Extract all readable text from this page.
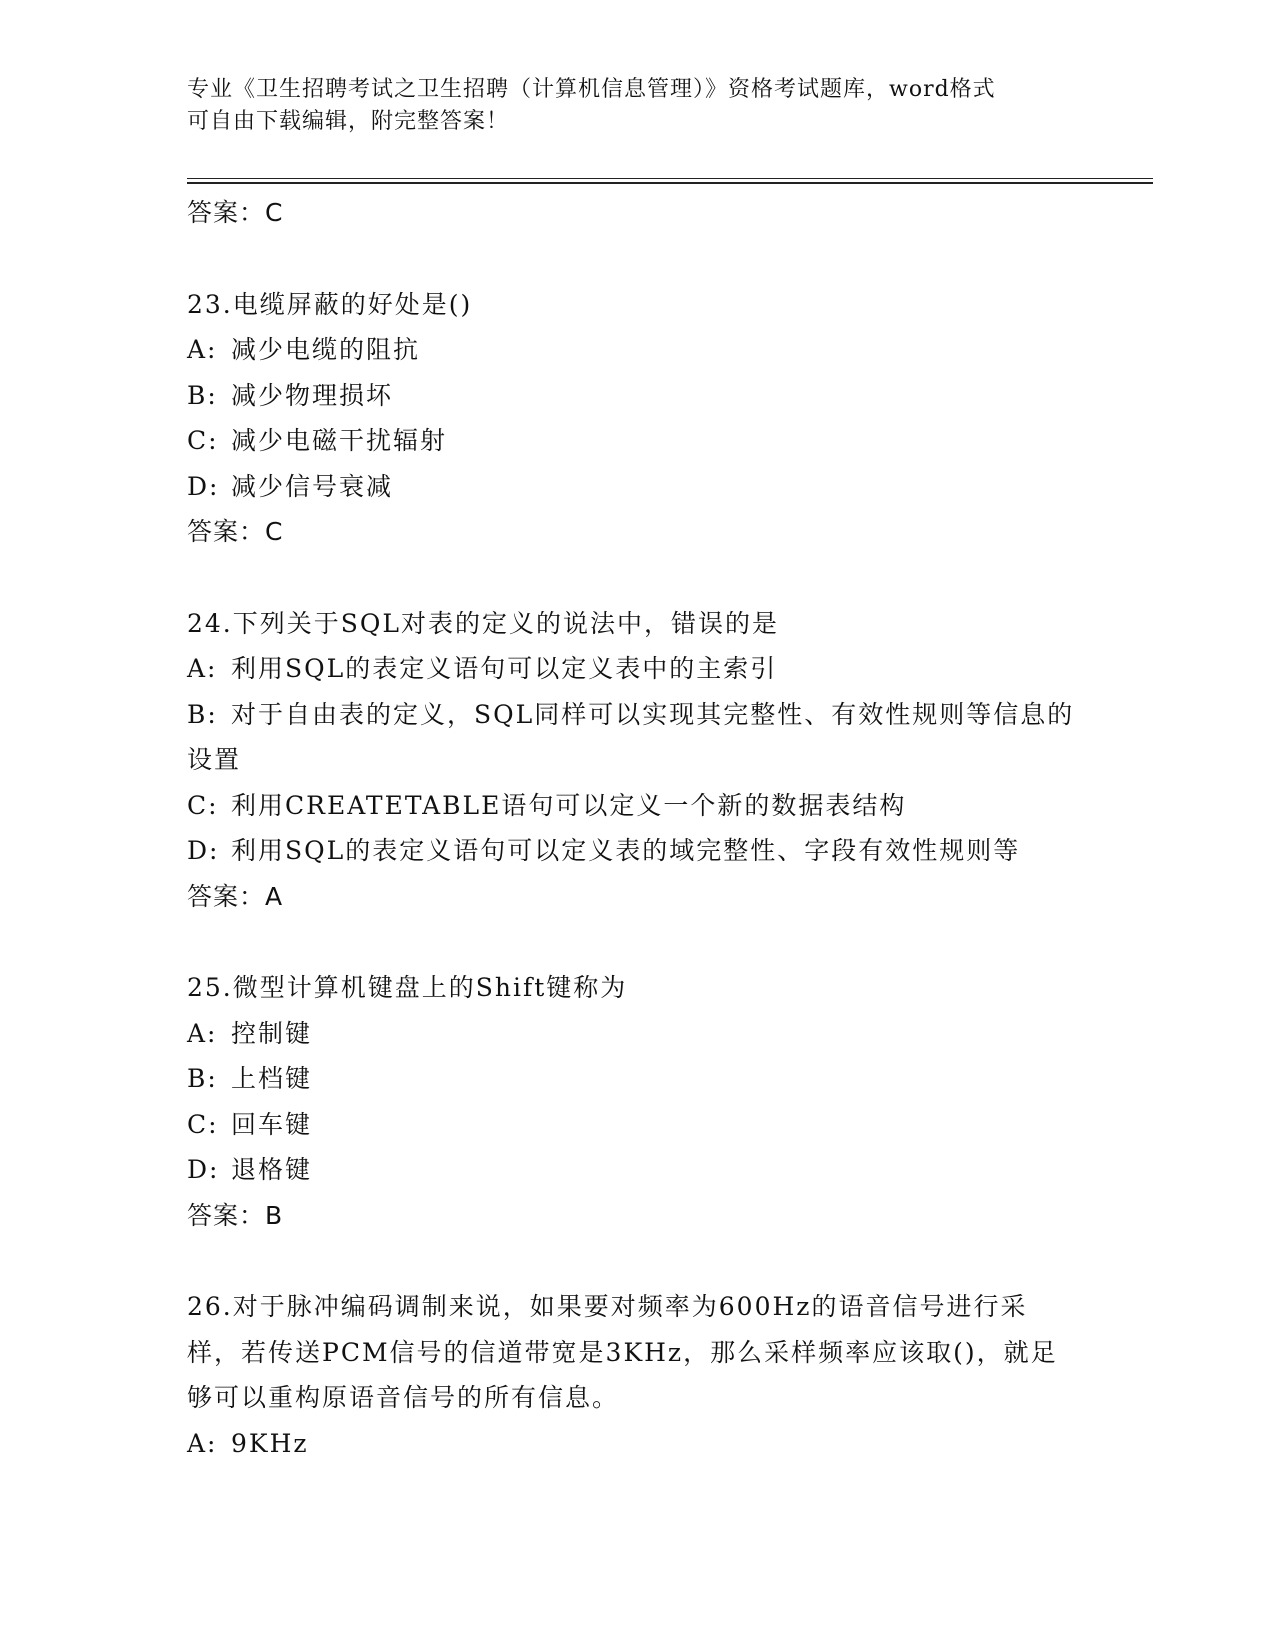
专业《卫生招聘考试之卫生招聘（计算机信息管理）》资格考试题库，word格式
可自由下载编辑，附完整答案！
答案：C
23.电缆屏蔽的好处是()
A: 减少电缆的阻抗
B: 减少物理损坏
C: 减少电磁干扰辐射
D: 减少信号衰减
答案：C
24.下列关于SQL对表的定义的说法中，错误的是
A: 利用SQL的表定义语句可以定义表中的主索引
B: 对于自由表的定义，SQL同样可以实现其完整性、有效性规则等信息的设置
C: 利用CREATETABLE语句可以定义一个新的数据表结构
D: 利用SQL的表定义语句可以定义表的域完整性、字段有效性规则等
答案：A
25.微型计算机键盘上的Shift键称为
A: 控制键
B: 上档键
C: 回车键
D: 退格键
答案：B
26.对于脉冲编码调制来说，如果要对频率为600Hz的语音信号进行采样，若传送PCM信号的信道带宽是3KHz，那么采样频率应该取()，就足够可以重构原语音信号的所有信息。
A: 9KHz
